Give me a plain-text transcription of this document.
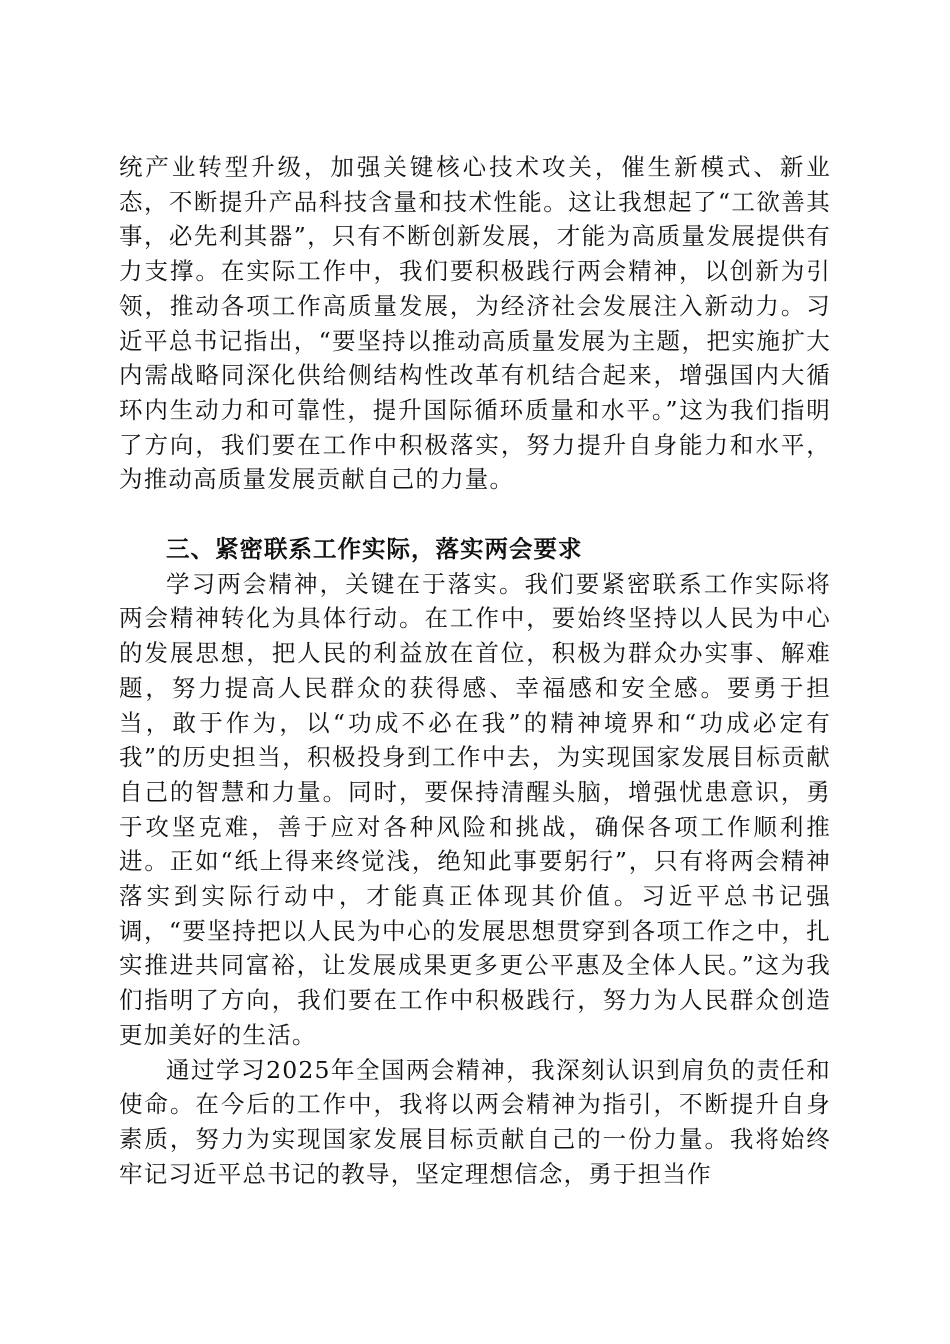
统产业转型升级，加强关键核心技术攻关，催生新模式、新业态，不断提升产品科技含量和技术性能。这让我想起了“工欲善其事，必先利其器”，只有不断创新发展，才能为高质量发展提供有力支撑。在实际工作中，我们要积极践行两会精神，以创新为引领，推动各项工作高质量发展，为经济社会发展注入新动力。习近平总书记指出，“要坚持以推动高质量发展为主题，把实施扩大内需战略同深化供给侧结构性改革有机结合起来，增强国内大循环内生动力和可靠性，提升国际循环质量和水平。”这为我们指明了方向，我们要在工作中积极落实，努力提升自身能力和水平，为推动高质量发展贡献自己的力量。

三、紧密联系工作实际，落实两会要求

学习两会精神，关键在于落实。我们要紧密联系工作实际将两会精神转化为具体行动。在工作中，要始终坚持以人民为中心的发展思想，把人民的利益放在首位，积极为群众办实事、解难题，努力提高人民群众的获得感、幸福感和安全感。要勇于担当，敢于作为，以“功成不必在我”的精神境界和“功成必定有我”的历史担当，积极投身到工作中去，为实现国家发展目标贡献自己的智慧和力量。同时，要保持清醒头脑，增强忧患意识，勇于攻坚克难，善于应对各种风险和挑战，确保各项工作顺利推进。正如“纸上得来终觉浅，绝知此事要躬行”，只有将两会精神落实到实际行动中，才能真正体现其价值。习近平总书记强调，“要坚持把以人民为中心的发展思想贯穿到各项工作之中，扎实推进共同富裕，让发展成果更多更公平惠及全体人民。”这为我们指明了方向，我们要在工作中积极践行，努力为人民群众创造更加美好的生活。

通过学习2025年全国两会精神，我深刻认识到肩负的责任和使命。在今后的工作中，我将以两会精神为指引，不断提升自身素质，努力为实现国家发展目标贡献自己的一份力量。我将始终牢记习近平总书记的教导，坚定理想信念，勇于担当作
